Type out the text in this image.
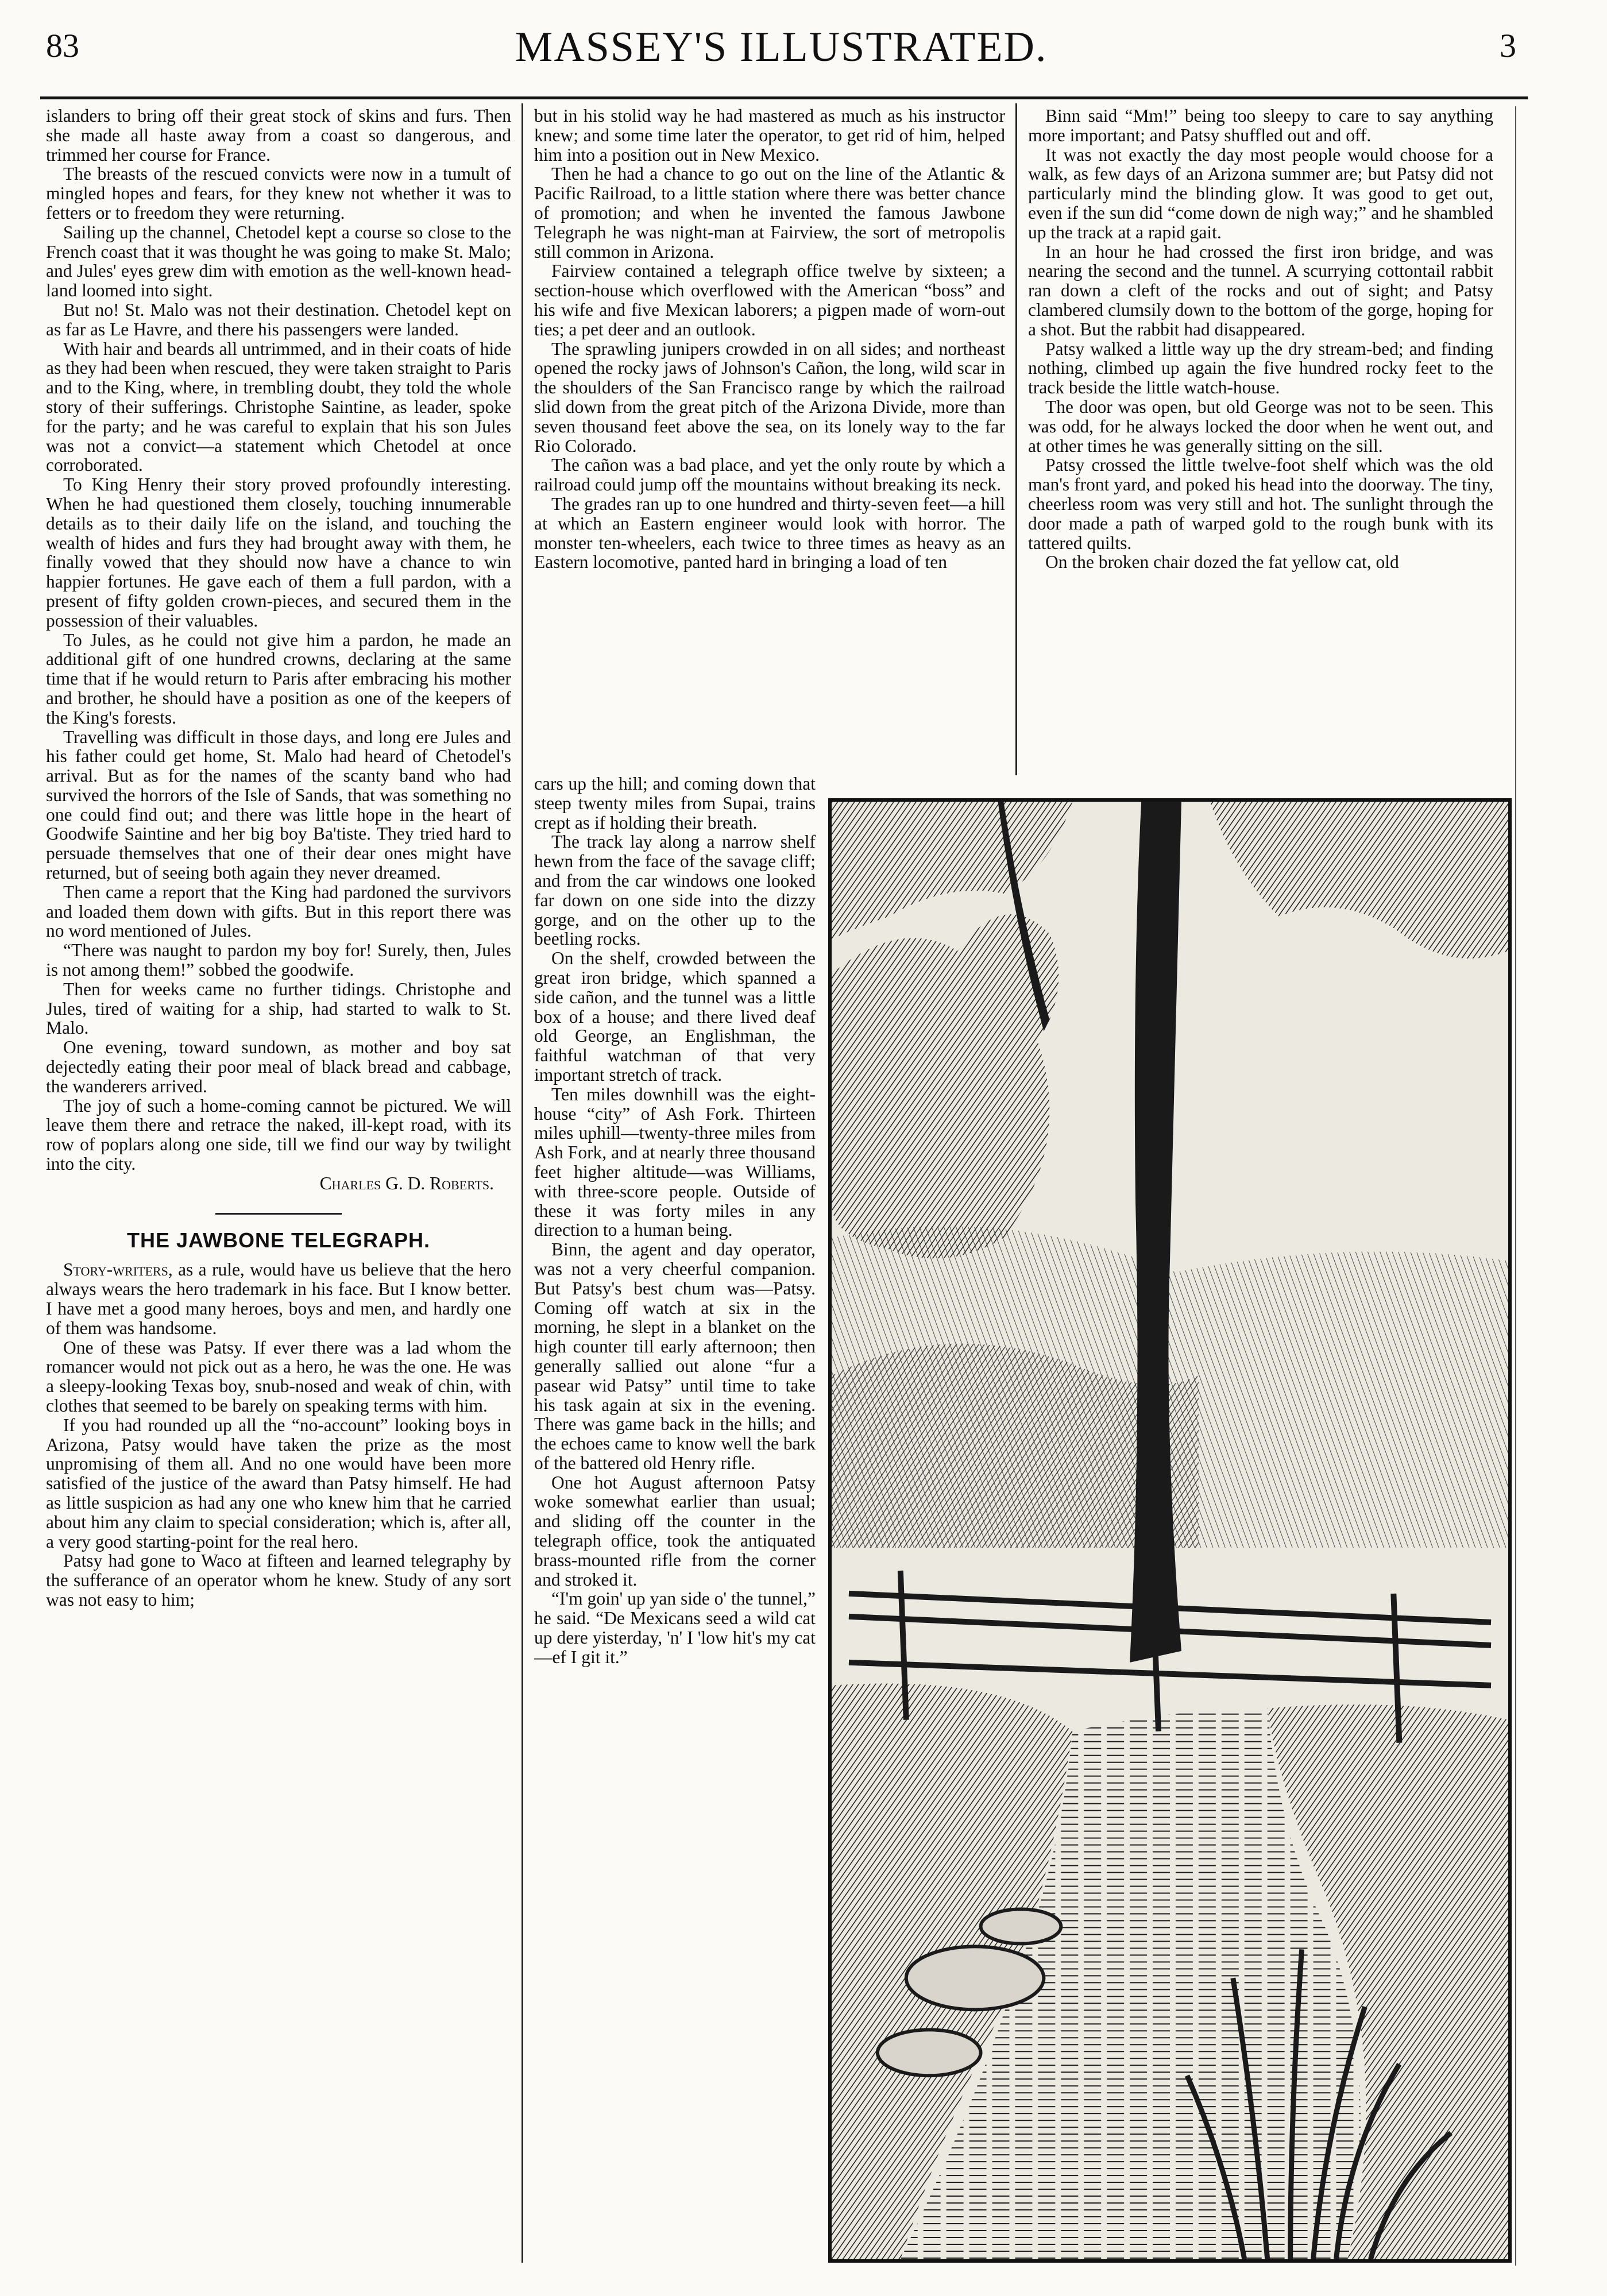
83	MASSEY'S ILLUSTRATED.	3

islanders to bring off their great stock of skins and furs. Then she made all haste away from a coast so dangerous, and trimmed her course for France.

The breasts of the rescued convicts were now in a tumult of mingled hopes and fears, for they knew not whether it was to fetters or to freedom they were returning.

Sailing up the channel, Chetodel kept a course so close to the French coast that it was thought he was going to make St. Malo; and Jules' eyes grew dim with emotion as the well-known head-land loomed into sight.

But no! St. Malo was not their destination. Chetodel kept on as far as Le Havre, and there his passengers were landed.

With hair and beards all untrimmed, and in their coats of hide as they had been when rescued, they were taken straight to Paris and to the King, where, in trembling doubt, they told the whole story of their sufferings. Christophe Saintine, as leader, spoke for the party; and he was careful to explain that his son Jules was not a convict—a statement which Chetodel at once corroborated.

To King Henry their story proved profoundly interesting. When he had questioned them closely, touching innumerable details as to their daily life on the island, and touching the wealth of hides and furs they had brought away with them, he finally vowed that they should now have a chance to win happier fortunes. He gave each of them a full pardon, with a present of fifty golden crown-pieces, and secured them in the possession of their valuables.

To Jules, as he could not give him a pardon, he made an additional gift of one hundred crowns, declaring at the same time that if he would return to Paris after embracing his mother and brother, he should have a position as one of the keepers of the King's forests.

Travelling was difficult in those days, and long ere Jules and his father could get home, St. Malo had heard of Chetodel's arrival. But as for the names of the scanty band who had survived the horrors of the Isle of Sands, that was something no one could find out; and there was little hope in the heart of Goodwife Saintine and her big boy Ba'tiste. They tried hard to persuade themselves that one of their dear ones might have returned, but of seeing both again they never dreamed.

Then came a report that the King had pardoned the survivors and loaded them down with gifts. But in this report there was no word mentioned of Jules.

“There was naught to pardon my boy for! Surely, then, Jules is not among them!” sobbed the goodwife.

Then for weeks came no further tidings. Christophe and Jules, tired of waiting for a ship, had started to walk to St. Malo.

One evening, toward sundown, as mother and boy sat dejectedly eating their poor meal of black bread and cabbage, the wanderers arrived.

The joy of such a home-coming cannot be pictured. We will leave them there and retrace the naked, ill-kept road, with its row of poplars along one side, till we find our way by twilight into the city.

Charles G. D. Roberts.

THE JAWBONE TELEGRAPH.

Story-writers, as a rule, would have us believe that the hero always wears the hero trademark in his face. But I know better. I have met a good many heroes, boys and men, and hardly one of them was handsome.

One of these was Patsy. If ever there was a lad whom the romancer would not pick out as a hero, he was the one. He was a sleepy-looking Texas boy, snub-nosed and weak of chin, with clothes that seemed to be barely on speaking terms with him.

If you had rounded up all the “no-account” looking boys in Arizona, Patsy would have taken the prize as the most unpromising of them all. And no one would have been more satisfied of the justice of the award than Patsy himself. He had as little suspicion as had any one who knew him that he carried about him any claim to special consideration; which is, after all, a very good starting-point for the real hero.

Patsy had gone to Waco at fifteen and learned telegraphy by the sufferance of an operator whom he knew. Study of any sort was not easy to him;

but in his stolid way he had mastered as much as his instructor knew; and some time later the operator, to get rid of him, helped him into a position out in New Mexico.

Then he had a chance to go out on the line of the Atlantic & Pacific Railroad, to a little station where there was better chance of promotion; and when he invented the famous Jawbone Telegraph he was night-man at Fairview, the sort of metropolis still common in Arizona.

Fairview contained a telegraph office twelve by sixteen; a section-house which overflowed with the American “boss” and his wife and five Mexican laborers; a pigpen made of worn-out ties; a pet deer and an outlook.

The sprawling junipers crowded in on all sides; and northeast opened the rocky jaws of Johnson's Cañon, the long, wild scar in the shoulders of the San Francisco range by which the railroad slid down from the great pitch of the Arizona Divide, more than seven thousand feet above the sea, on its lonely way to the far Rio Colorado.

The cañon was a bad place, and yet the only route by which a railroad could jump off the mountains without breaking its neck.

The grades ran up to one hundred and thirty-seven feet—a hill at which an Eastern engineer would look with horror. The monster ten-wheelers, each twice to three times as heavy as an Eastern locomotive, panted hard in bringing a load of ten

cars up the hill; and coming down that steep twenty miles from Supai, trains crept as if holding their breath.

The track lay along a narrow shelf hewn from the face of the savage cliff; and from the car windows one looked far down on one side into the dizzy gorge, and on the other up to the beetling rocks.

On the shelf, crowded between the great iron bridge, which spanned a side cañon, and the tunnel was a little box of a house; and there lived deaf old George, an Englishman, the faithful watchman of that very important stretch of track.

Ten miles downhill was the eight-house “city” of Ash Fork. Thirteen miles uphill—twenty-three miles from Ash Fork, and at nearly three thousand feet higher altitude—was Williams, with three-score people. Outside of these it was forty miles in any direction to a human being.

Binn, the agent and day operator, was not a very cheerful companion. But Patsy's best chum was—Patsy. Coming off watch at six in the morning, he slept in a blanket on the high counter till early afternoon; then generally sallied out alone “fur a pasear wid Patsy” until time to take his task again at six in the evening. There was game back in the hills; and the echoes came to know well the bark of the battered old Henry rifle.

One hot August afternoon Patsy woke somewhat earlier than usual; and sliding off the counter in the telegraph office, took the antiquated brass-mounted rifle from the corner and stroked it.

“I'm goin' up yan side o' the tunnel,” he said. “De Mexicans seed a wild cat up dere yisterday, 'n' I 'low hit's my cat—ef I git it.”

Binn said “Mm!” being too sleepy to care to say anything more important; and Patsy shuffled out and off.

It was not exactly the day most people would choose for a walk, as few days of an Arizona summer are; but Patsy did not particularly mind the blinding glow. It was good to get out, even if the sun did “come down de nigh way;” and he shambled up the track at a rapid gait.

In an hour he had crossed the first iron bridge, and was nearing the second and the tunnel. A scurrying cottontail rabbit ran down a cleft of the rocks and out of sight; and Patsy clambered clumsily down to the bottom of the gorge, hoping for a shot. But the rabbit had disappeared.

Patsy walked a little way up the dry stream-bed; and finding nothing, climbed up again the five hundred rocky feet to the track beside the little watch-house.

The door was open, but old George was not to be seen. This was odd, for he always locked the door when he went out, and at other times he was generally sitting on the sill.

Patsy crossed the little twelve-foot shelf which was the old man's front yard, and poked his head into the doorway. The tiny, cheerless room was very still and hot. The sunlight through the door made a path of warped gold to the rough bunk with its tattered quilts.

On the broken chair dozed the fat yellow cat, old
